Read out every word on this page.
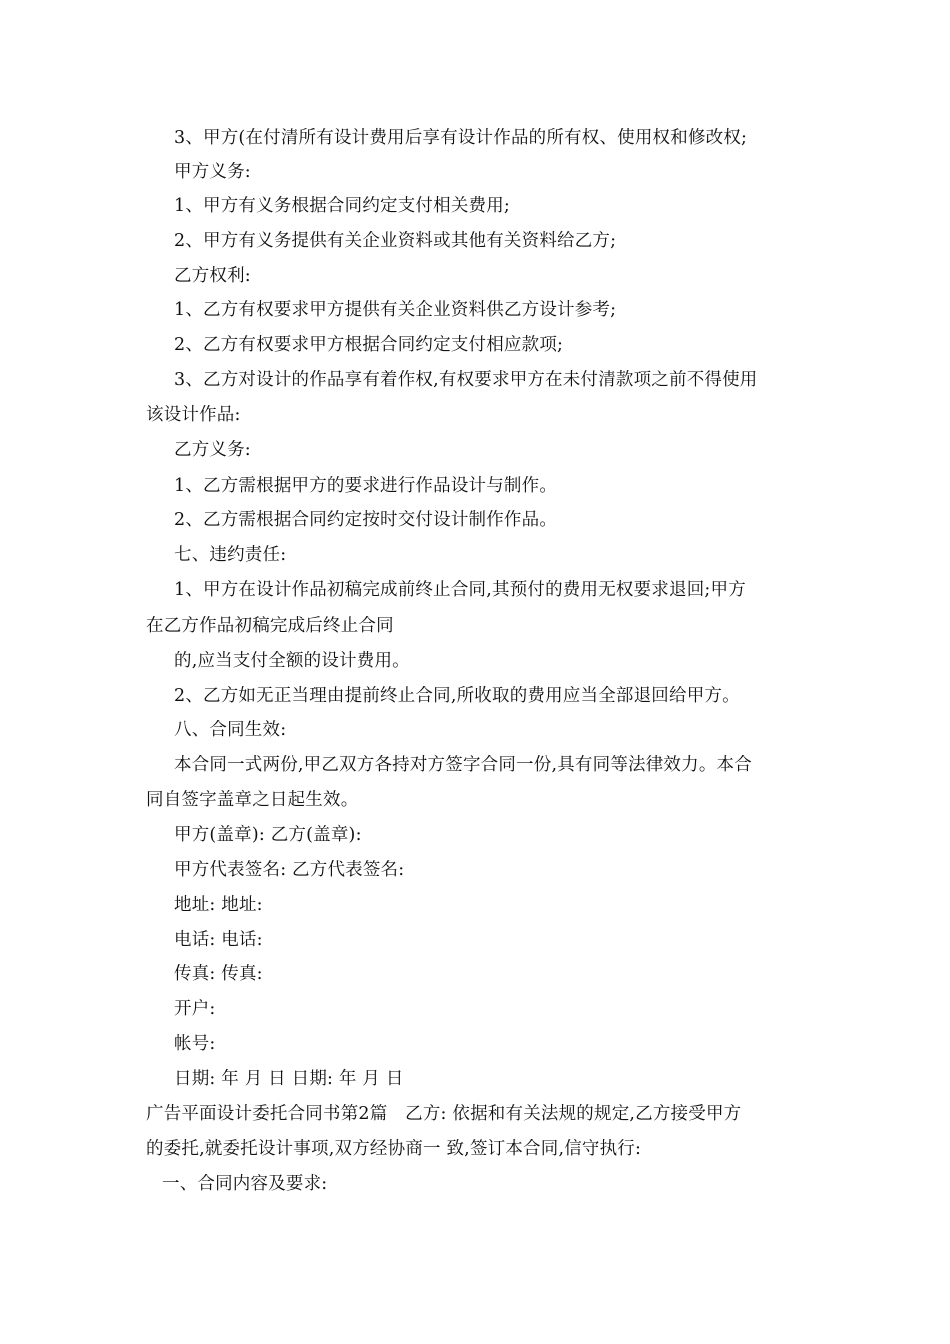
3、甲方(在付清所有设计费用后享有设计作品的所有权、使用权和修改权;
甲方义务:
1、甲方有义务根据合同约定支付相关费用;
2、甲方有义务提供有关企业资料或其他有关资料给乙方;
乙方权利:
1、乙方有权要求甲方提供有关企业资料供乙方设计参考;
2、乙方有权要求甲方根据合同约定支付相应款项;
3、乙方对设计的作品享有着作权,有权要求甲方在未付清款项之前不得使用
该设计作品:
乙方义务:
1、乙方需根据甲方的要求进行作品设计与制作。
2、乙方需根据合同约定按时交付设计制作作品。
七、违约责任:
1、甲方在设计作品初稿完成前终止合同,其预付的费用无权要求退回;甲方
在乙方作品初稿完成后终止合同
的,应当支付全额的设计费用。
2、乙方如无正当理由提前终止合同,所收取的费用应当全部退回给甲方。
八、合同生效:
本合同一式两份,甲乙双方各持对方签字合同一份,具有同等法律效力。本合
同自签字盖章之日起生效。
甲方(盖章): 乙方(盖章):
甲方代表签名: 乙方代表签名:
地址: 地址:
电话: 电话:
传真: 传真:
开户:
帐号:
日期: 年 月 日 日期: 年 月 日
广告平面设计委托合同书第2篇　乙方: 依据和有关法规的规定,乙方接受甲方
的委托,就委托设计事项,双方经协商一 致,签订本合同,信守执行:
一、合同内容及要求:
